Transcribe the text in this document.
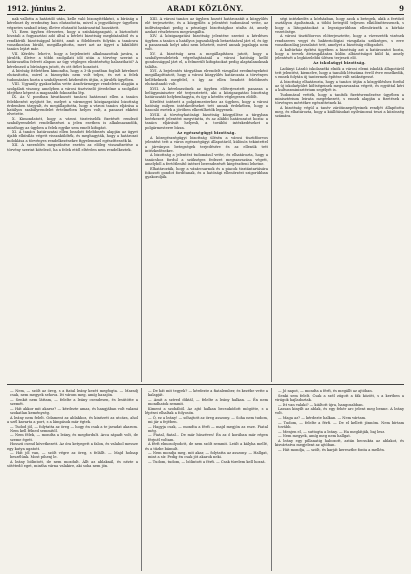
1912. június 2.	ARADI KÖZLÖNY.	9

nak vallotta a határidő után, kelle való bizonyítékként, a bíráság a kérelmet ily eredmény ban elutasította, mivel a jegyzőkönyv ügyében végzetes szabad irány, illetve elutasító határozattal hozzátett.

VI. Ezen ügyben élvezetes, hogy a színházigazgató, a biztosított hivatali a fogyasztási adó által a bérleti bizottság megbízásából és a rendkívüli bizottsággal kötött, amit a fölebbezés folytán a tanácsra vonatkozóan bíráló, megállapította, mert azt az ügyet a kiküldött tanács lejárt már.

VII. Kérdés: lehet-e, hogy a bejelentett alkalmazottak javára, a járulék, illetve a többi szolgálati idő után a törvény szerint a határozatba felvett alapon az ügy végleges elintézéséig halasztható? A kérelmező a bíróságra jutott, és ott ítélet hozatott.

A bíróság ítéletében kimondta, hogy a 3-ik pontban foglalt kérelmet elutasította, mivel a bizonyítás nem volt teljes, és ezt a felek tudomására hozta a szabályszerű kézbesítés útján, a járulék ügyében.

VIII. Ugyanily gyakorlatba vette Aradvármegye rendeletei alapján a szolgálati viszony, amelyben a városi tisztviselő jövedelme a szolgálat idejéhez képest a magasabb fokozatba lép.

IX. Az V. pontban hivatkozott tanácsi határozat ellen a tanács felebbezést nyújtott be, melyet a vármegyei közigazgatási bizottság érdemben tárgyalt, és megállapította, hogy a városi tanács eljárása a hatályos szabályrendelet értelmében helyes volt, a panaszt ekként elvetette.

X. Kimondatott, hogy a városi tisztviselők fizetését rendező szabályrendelet rendelkezései a jelen esetben is alkalmazandók, minthogy az ügyben a felek egyike sem emelt kifogást.

XI. A tanács határozatai ellen beadott felebbezés alapján az ügyet újabb elbírálás végett visszaküldték, és meghagyták, hogy a határozat indoklása a törvényes rendelkezésekre figyelemmel egészíttessék ki.

XII. A szerződés megszűnése esetén az előleg visszafizetése a törvény szerint kötelező, ha a felek ettől eltérően nem rendelkeztek.

XIII. A városi tanács az ügyben hozott határozatát a közgyűlés elé terjesztette, és a közgyűlés a jelentést tudomásul vette, az indítványokat pedig a pénzügyi bizottsághoz utalta át, amely azokat részletesen megvizsgálta.

XIV. A közigazgatási bizottság jelentése szerint a kérdéses ügyben a tanács a hatályos jogszabályok betartásával járt el, és így a panasznak helyt adni nem lehetett, mivel annak jogalapja nem volt.

XV. A bizottság arra a megállapításra jutott, hogy a szabályrendeletek végrehajtásánál a városi hatóság kellő gondossággal járt el, a felmerült kifogásokat pedig alaptalanoknak találta.

XVI. A bejelentés tárgyában elrendelt vizsgálat eredményeként megállapíttatott, hogy a városi közgyűlés határozata a törvényes kellékeknek megfelel, s így az ellen beadott felebbezés elutasítandó volt.

XVII. A kérelmezőnek az ügyben előterjesztett panasza a belügyminiszter elé terjesztetett, aki a közigazgatási bizottság határozatát helybenhagyta, és így a kérdés véglegesen eldőlt.

Kérdést intézett a polgármesterhez az ügyben, hogy a városi hatóság milyen intézkedéseket tett annak érdekében, hogy a hasonló esetek a jövőben elkerülhetők legyenek.

XVIII. A törvényhatósági bizottság közgyűlése a tárgyban beérkezett jelentést megvitatta, és az alábbi határozatot hozta: a tanács eljárását helyesli, a további intézkedéseket a polgármesterre bízza.

Az egészségügyi bizottság.

A közegészségügyi bizottság ülésén a városi tisztifőorvos jelentést tett a város egészségügyi állapotáról, különös tekintettel a járványos betegségek terjedésére és az ellenük tett intézkedésekre.

A bizottság a jelentést tudomásul vette, és elhatározta, hogy a tanácshoz fordul a szükséges fedezet megszavazása végett, amelyből a fertőtlenítő intézet berendezését kiegészíteni lehetne.

Elhatározták, hogy a vásárcsarnok és a piacok tisztántartására fokozott gondot fordítanak, és a hatósági ellenőrzést szigorúbban gyakorolják.

ségi intézkedés a kórházban, hogy azok a betegek, akik a fertőző osztályon ápoltatnak, a többi betegtől teljesen elkülöníttessenek, s hogy a látogatásokat a legszigorúbban ellenőrizzék a kórház vezetősége.

A városi tisztifőorvos előterjesztette, hogy a vízvezeték vizének rendszeres vegyi és bakteriológiai vizsgálata szükséges, s erre vonatkozólag javaslatot tett, amelyet a bizottság elfogadott.

A kultúrház építési ügyében a bizottság azt a határozatot hozta, hogy a tervek átvizsgálására külön albizottságot küld ki, amely jelentését a legközelebbi ülésen terjeszti elő.

Az iskolaügyi bizottság.

Ladányi László iskolaszéki elnök a városi elemi iskolák állapotáról tett jelentést, kiemelve, hogy a tanulók létszáma évről évre emelkedik, s ennek folytán új tantermek építése vált szükségessé.

A bizottság elhatározta, hogy a tanács útján a közgyűléshez fordul az új iskolaépület költségeinek megszavazása végett, és egyúttal kéri a kultuszminisztérium segélyét is.

Tudomásul vették, hogy a tanítók fizetésrendezése ügyében a minisztérium leirata megérkezett, s ennek alapján a fizetések a törvényes mértékre egészíttetnek ki.

A bizottság végül a tanév záróünnepélyeinek rendjét állapította meg, és elhatározta, hogy a kiállításokat nyilvánossá teszi a közönség számára.

— Nem, — szólt az öreg, s a fiatal leány kezét megfogta. — Maradj csak, nem megyek sehova. Itt várom meg, amíg hazajön.

— Senkit nem láttam, — felelte a leány csendesen, és lesütötte a szemét.

— Hát akkor mit akarsz? — kérdezte amaz, és hangjában volt valami szokatlan keménység.

A leány nem felelt. Odament az ablakhoz, és kinézett az utcára, ahol a szél kavarta a port, s a lámpások már égtek.

— Tudod jól, — folytatta az öreg — hogy én csak a te javadat akarom. Nem kell félned semmitől.

— Nem félek, — mondta a leány, és megfordult. Arca sápadt volt, de szeme égett.

Hosszú csend következett. Az óra ketyegett a falon, és valahol messze egy kutya ugatott.

— Hát jól van, — szólt végre az öreg, s felállt. — Majd holnap beszélünk. Most pihenj le.

A leány bólintott, de nem mozdult. Állt az ablaknál, és nézte a sötétedő eget, mintha várna valakire, aki soha nem jön.

— De hát mit tegyek? — kérdezte a fiatalember, és kezébe vette a kalapját.

— Amit a szíved diktál, — felelte a leány halkan. — Én nem mondhatok semmit.

Kiment a szobából. Az ajtó halkan becsukódott mögötte, s a lépései elhaltak a folyosón.

— Ó, ez a leány! — sóhajtott az öreg asszony. — Soha nem tudom, mi jár a fejében.

— Hagyja csak, — mondta a férfi — majd megjön az esze. Fiatal még.

— Fiatal, fiatal... De már húszéves! Én az ő korában már régen férjnél voltam.

A férfi elmosolyodott, de nem szólt semmit. Leült a kályha mellé, és a tűzbe bámult.

— Nem mondja meg, mit akar, — folytatta az asszony. — Hallgat, mint a sír. Pedig én csak jót akarok neki.

— Tudom, tudom, — bólintott a férfi. — Csak türelem kell hozzá.

— Jó napot, — mondta a férfi, és megállt az ajtóban.

Senki sem felelt. Csak a szél zúgott a fák között, s a kertben a virágok hajladoztak.

— Itt van valaki? — kiáltott újra, hangosabban.

Lassan kinyílt az ablak, és egy fehér arc jelent meg benne. A leány volt.

— Maga az? — kérdezte halkan. — Nem vártam.

— Tudom, — felelte a férfi. — De el kellett jönnöm. Nem bírtam tovább.

— Menjen el, — suttogta a leány. — Ha meglátják, baj lesz.

— Nem megyek, amíg meg nem hallgat.

A leány egy pillanatig habozott, aztán becsukta az ablakot, és kisvártatva megjelent az ajtóban.

— Hát mondja, — szólt, és karját keresztbe fonta a mellén.
